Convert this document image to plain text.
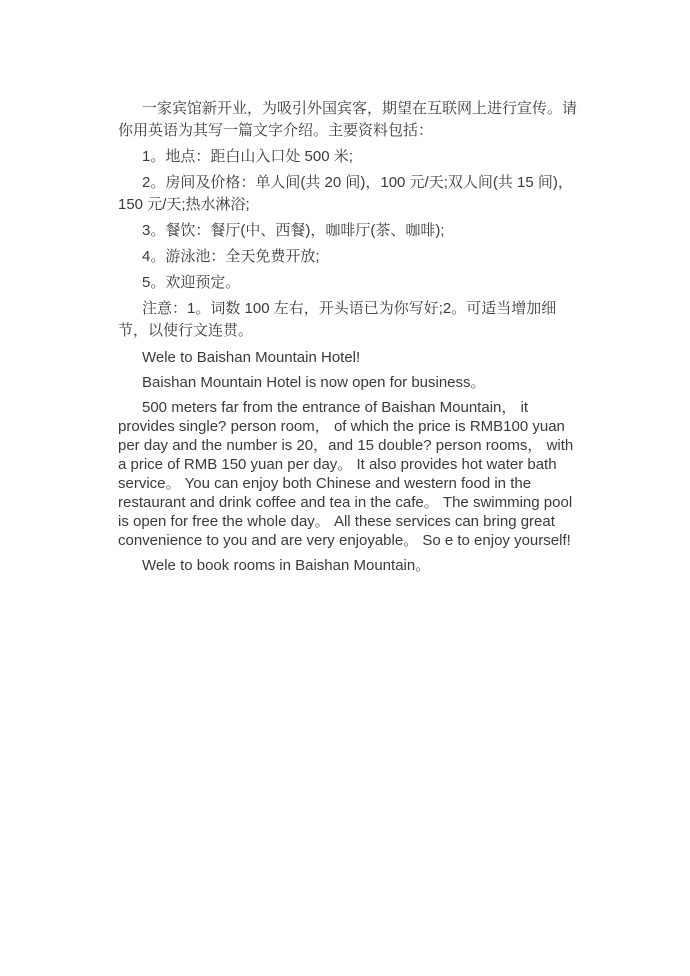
一家宾馆新开业，为吸引外国宾客，期望在互联网上进行宣传。请你用英语为其写一篇文字介绍。主要资料包括：

1。地点：距白山入口处 500 米;

2。房间及价格：单人间(共 20 间)，100 元/天;双人间(共 15 间)，150 元/天;热水淋浴;

3。餐饮：餐厅(中、西餐)，咖啡厅(茶、咖啡);

4。游泳池：全天免费开放;

5。欢迎预定。

注意：1。词数 100 左右，开头语已为你写好;2。可适当增加细节，以使行文连贯。

Wele to Baishan Mountain Hotel!

Baishan Mountain Hotel is now open for business。

500 meters far from the entrance of Baishan Mountain， it provides single? person room， of which the price is RMB100 yuan per day and the number is 20，and 15 double? person rooms， with a price of RMB 150 yuan per day。 It also provides hot water bath service。 You can enjoy both Chinese and western food in the restaurant and drink coffee and tea in the cafe。 The swimming pool is open for free the whole day。 All these services can bring great convenience to you and are very enjoyable。 So e to enjoy yourself!

Wele to book rooms in Baishan Mountain。
